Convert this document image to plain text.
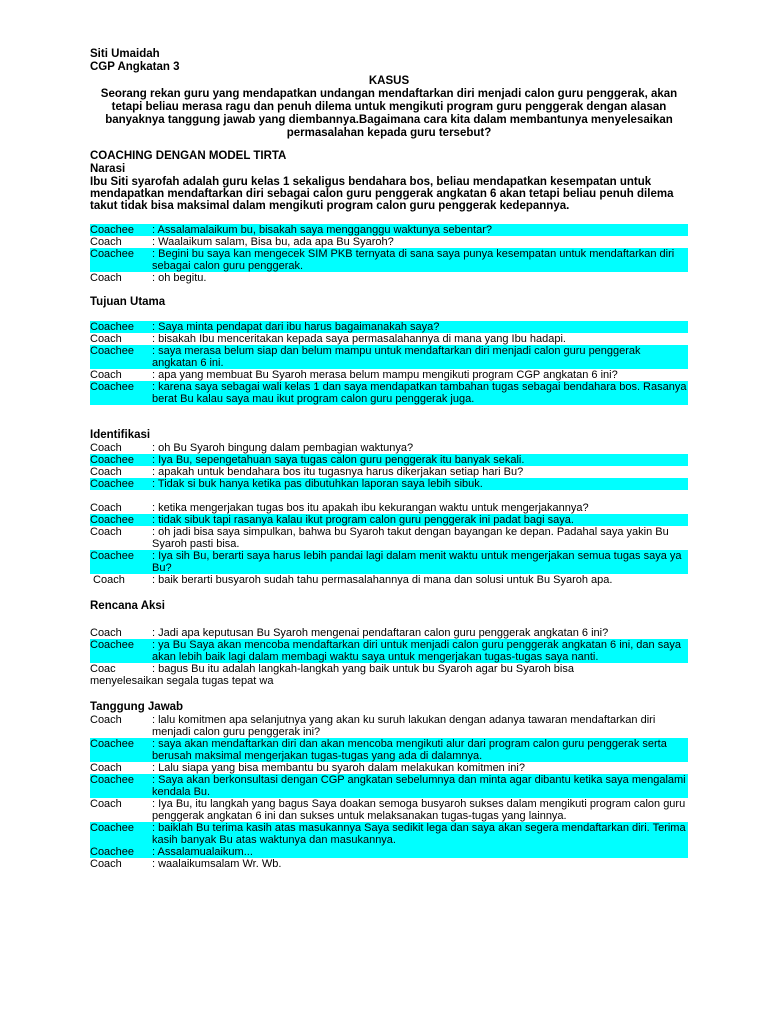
Siti Umaidah
CGP Angkatan 3
KASUS
Seorang rekan guru yang mendapatkan undangan mendaftarkan diri menjadi calon guru penggerak, akan tetapi beliau merasa ragu dan penuh dilema untuk mengikuti program guru penggerak dengan alasan banyaknya tanggung jawab yang diembannya.Bagaimana cara kita dalam membantunya menyelesaikan permasalahan kepada guru tersebut?
COACHING DENGAN MODEL TIRTA
Narasi
Ibu Siti syarofah adalah guru kelas 1 sekaligus bendahara bos, beliau mendapatkan kesempatan untuk mendapatkan mendaftarkan diri sebagai calon guru penggerak angkatan 6 akan tetapi beliau penuh dilema takut tidak bisa maksimal dalam mengikuti program calon guru penggerak kedepannya.
Coachee	: Assalamalaikum bu, bisakah saya mengganggu waktunya sebentar?
Coach	: Waalaikum salam, Bisa bu, ada apa Bu Syaroh?
Coachee	: Begini bu saya kan mengecek SIM PKB ternyata di sana saya punya kesempatan untuk mendaftarkan diri sebagai calon guru penggerak.
Coach	: oh begitu.
Tujuan Utama
Coachee	: Saya minta pendapat dari ibu harus bagaimanakah saya?
Coach	: bisakah Ibu menceritakan kepada saya permasalahannya di mana yang Ibu hadapi.
Coachee	: saya merasa belum siap dan belum mampu untuk mendaftarkan diri menjadi calon guru penggerak angkatan 6 ini.
Coach	: apa yang membuat Bu Syaroh merasa belum mampu mengikuti program CGP angkatan 6 ini?
Coachee	: karena saya sebagai wali kelas 1 dan saya mendapatkan tambahan tugas sebagai bendahara bos. Rasanya berat Bu kalau saya mau ikut program calon guru penggerak juga.
Identifikasi
Coach	: oh Bu Syaroh bingung dalam pembagian waktunya?
Coachee	: Iya Bu, sepengetahuan saya tugas calon guru penggerak itu banyak sekali.
Coach	: apakah untuk bendahara bos itu tugasnya harus dikerjakan setiap hari Bu?
Coachee	: Tidak si buk hanya ketika pas dibutuhkan laporan saya lebih sibuk.
Coach	: ketika mengerjakan tugas bos itu apakah ibu kekurangan waktu untuk mengerjakannya?
Coachee	: tidak sibuk tapi rasanya kalau ikut program calon guru penggerak ini padat bagi saya.
Coach	: oh jadi bisa saya simpulkan, bahwa bu Syaroh takut dengan bayangan ke depan. Padahal saya yakin Bu Syaroh pasti bisa.
Coachee	: Iya sih Bu, berarti saya harus lebih pandai lagi dalam menit waktu untuk mengerjakan semua tugas saya ya Bu?
Coach	: baik berarti busyaroh sudah tahu permasalahannya di mana dan solusi untuk Bu Syaroh apa.
Rencana Aksi
Coach	: Jadi apa keputusan Bu Syaroh mengenai pendaftaran calon guru penggerak angkatan 6 ini?
Coachee	: ya Bu Saya akan mencoba mendaftarkan diri untuk menjadi calon guru penggerak angkatan 6 ini, dan saya akan lebih baik lagi dalam membagi waktu saya untuk mengerjakan tugas-tugas saya nanti.
Coac	: bagus Bu itu adalah langkah-langkah yang baik untuk bu Syaroh agar bu Syaroh bisa
menyelesaikan segala tugas tepat wa
Tanggung Jawab
Coach	: lalu komitmen apa selanjutnya yang akan ku suruh lakukan dengan adanya tawaran mendaftarkan diri menjadi calon guru penggerak ini?
Coachee	: saya akan mendaftarkan diri dan akan mencoba mengikuti alur dari program calon guru penggerak serta berusah maksimal mengerjakan tugas-tugas yang ada di dalamnya.
Coach	: Lalu siapa yang bisa membantu bu syaroh dalam melakukan komitmen ini?
Coachee	: Saya akan berkonsultasi dengan CGP angkatan sebelumnya dan minta agar dibantu ketika saya mengalami kendala Bu.
Coach	: Iya Bu, itu langkah yang bagus Saya doakan semoga busyaroh sukses dalam mengikuti program calon guru penggerak angkatan 6 ini dan sukses untuk melaksanakan tugas-tugas yang lainnya.
Coachee	: baiklah Bu terima kasih atas masukannya Saya sedikit lega dan saya akan segera mendaftarkan diri. Terima kasih banyak Bu atas waktunya dan masukannya.
Coachee	: Assalamualaikum...
Coach	: waalaikumsalam Wr. Wb.
